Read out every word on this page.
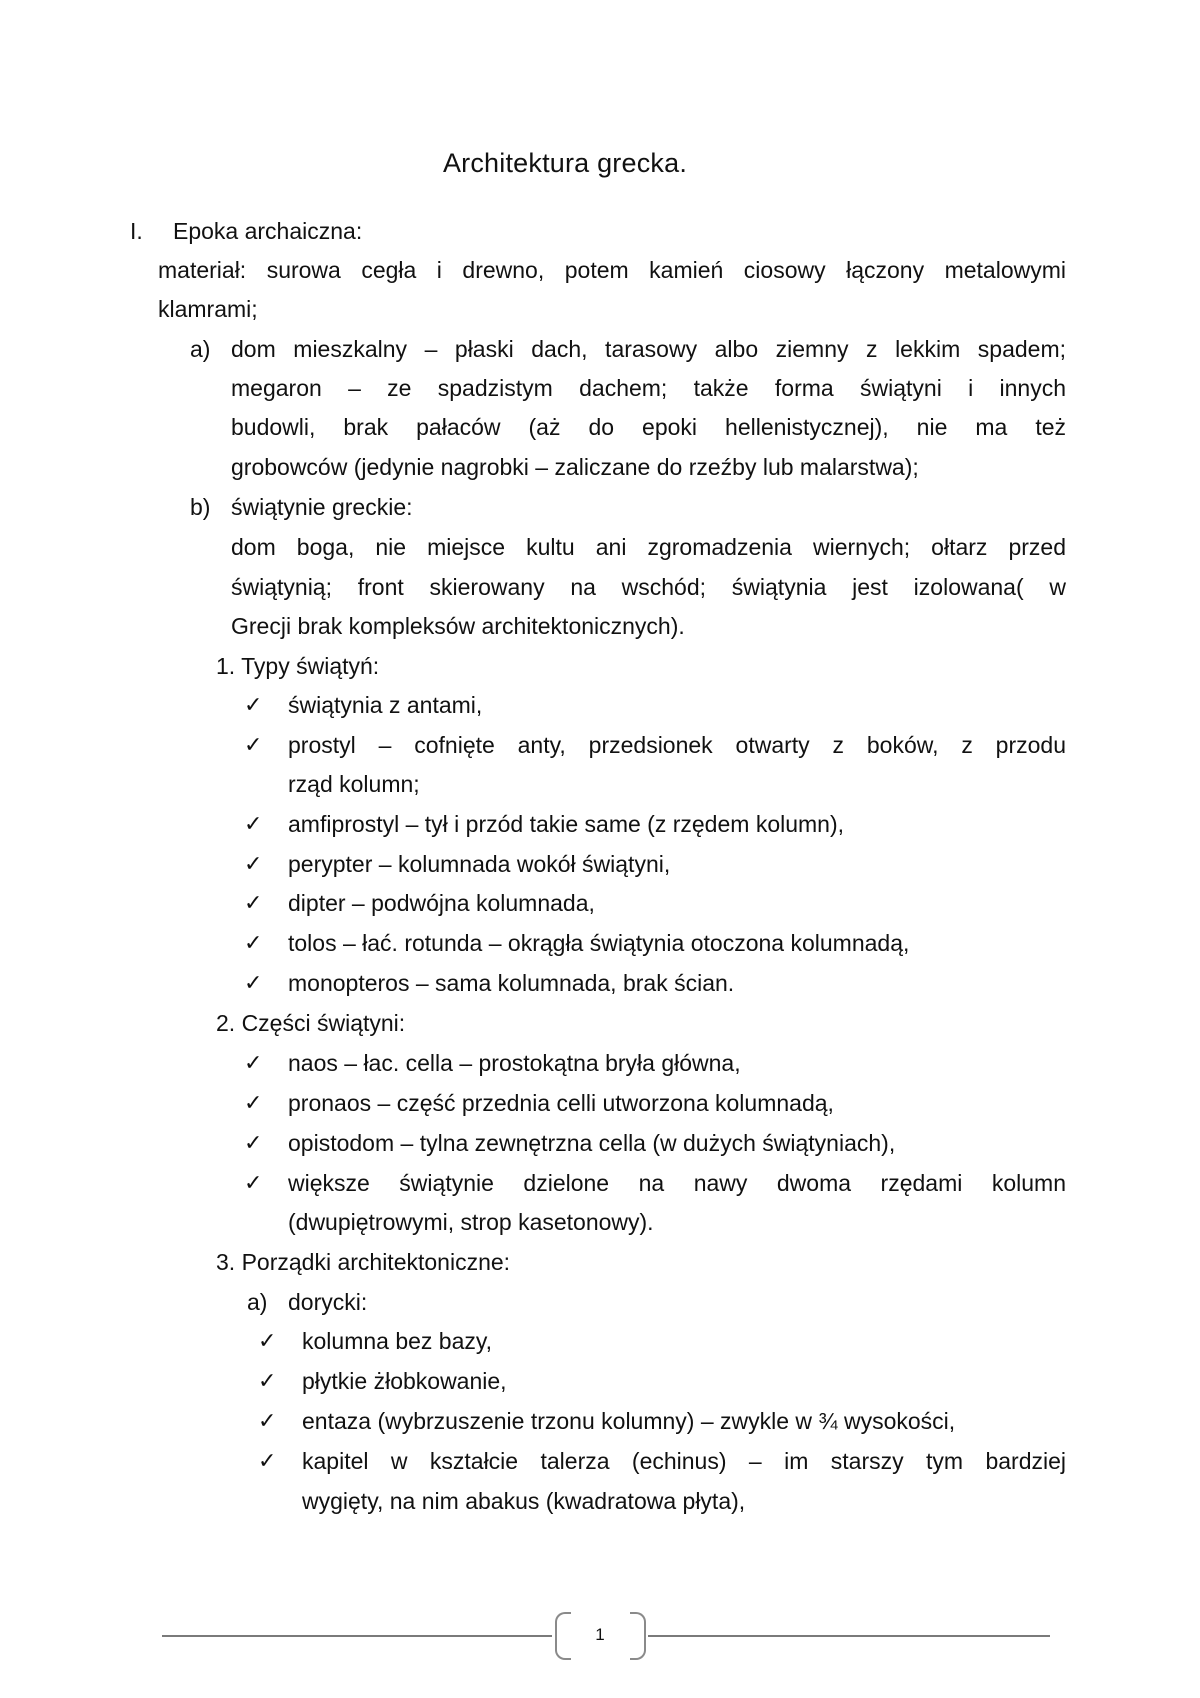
Architektura grecka.
I. Epoka archaiczna:
materiał: surowa cegła i drewno, potem kamień ciosowy łączony metalowymi
klamrami;
a) dom mieszkalny – płaski dach, tarasowy albo ziemny z lekkim spadem;
megaron – ze spadzistym dachem; także forma świątyni i innych
budowli, brak pałaców (aż do epoki hellenistycznej), nie ma też
grobowców (jedynie nagrobki – zaliczane do rzeźby lub malarstwa);
b) świątynie greckie:
dom boga, nie miejsce kultu ani zgromadzenia wiernych; ołtarz przed
świątynią; front skierowany na wschód; świątynia jest izolowana( w
Grecji brak kompleksów architektonicznych).
1. Typy świątyń:
✓ świątynia z antami,
✓ prostyl – cofnięte anty, przedsionek otwarty z boków, z przodu
rząd kolumn;
✓ amfiprostyl – tył i przód takie same (z rzędem kolumn),
✓ perypter – kolumnada wokół świątyni,
✓ dipter – podwójna kolumnada,
✓ tolos – łać. rotunda – okrągła świątynia otoczona kolumnadą,
✓ monopteros – sama kolumnada, brak ścian.
2. Części świątyni:
✓ naos – łac. cella – prostokątna bryła główna,
✓ pronaos – część przednia celli utworzona kolumnadą,
✓ opistodom – tylna zewnętrzna cella (w dużych świątyniach),
✓ większe świątynie dzielone na nawy dwoma rzędami kolumn
(dwupiętrowymi, strop kasetonowy).
3. Porządki architektoniczne:
a) dorycki:
✓ kolumna bez bazy,
✓ płytkie żłobkowanie,
✓ entaza (wybrzuszenie trzonu kolumny) – zwykle w ¾ wysokości,
✓ kapitel w kształcie talerza (echinus) – im starszy tym bardziej
wygięty, na nim abakus (kwadratowa płyta),
1
